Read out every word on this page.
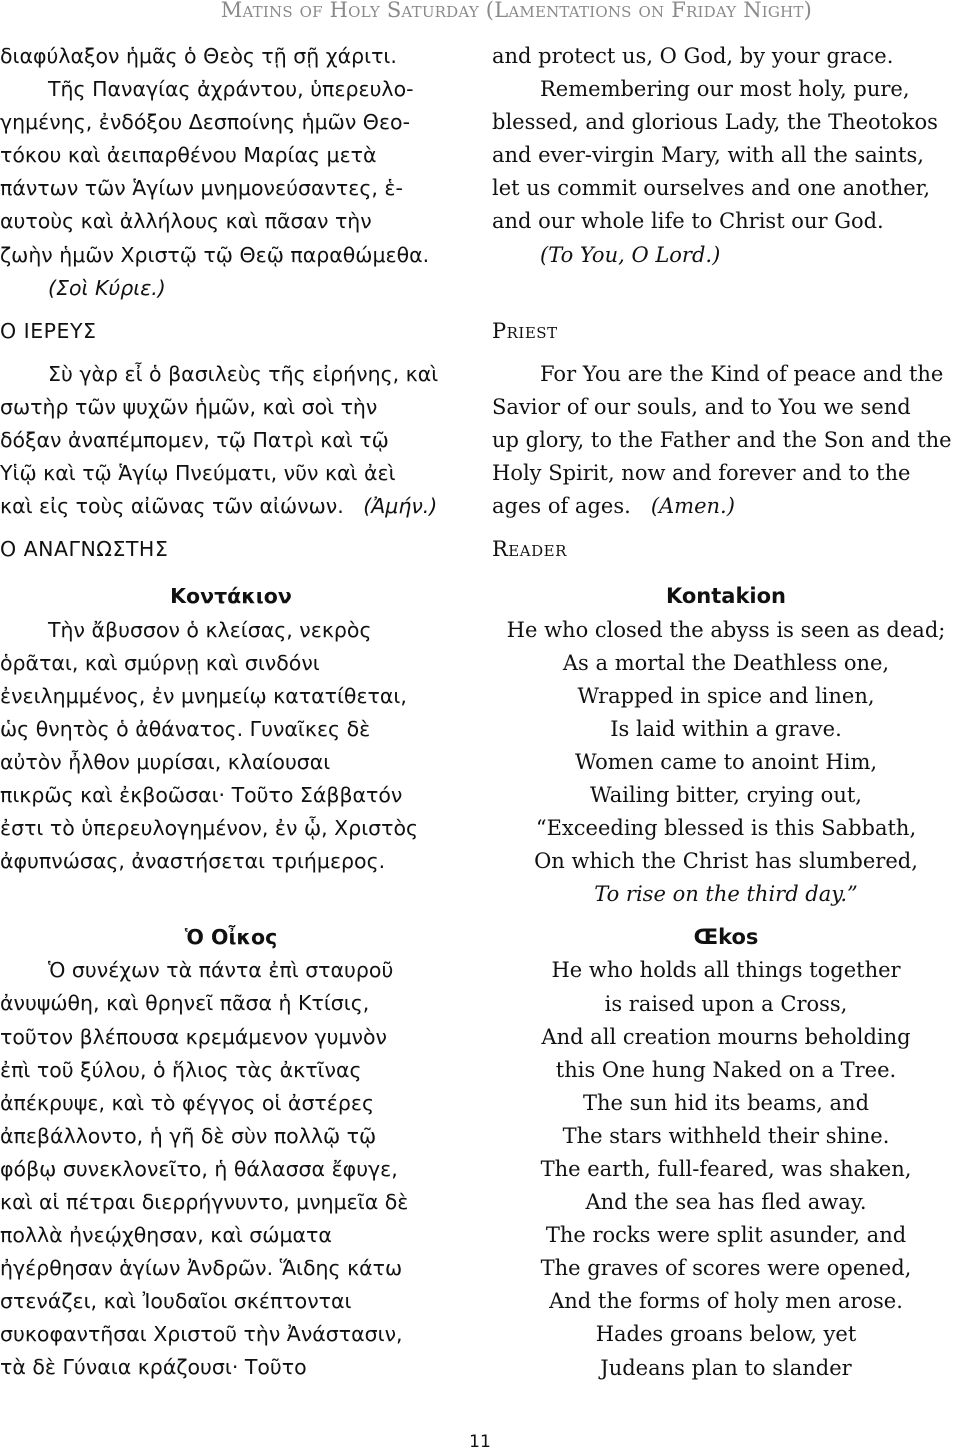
Matins of Holy Saturday (Lamentations on Friday Night)
διαφύλαξον ἡμᾶς ὁ Θεὸς τῇ σῇ χάριτι.
Τῆς Παναγίας ἀχράντου, ὑπερευλο-
γημένης, ἐνδόξου Δεσποίνης ἡμῶν Θεο-
τόκου καὶ ἀειπαρθένου Μαρίας μετὰ
πάντων τῶν Ἁγίων μνημονεύσαντες, ἑ-
αυτοὺς καὶ ἀλλήλους καὶ πᾶσαν τὴν
ζωὴν ἡμῶν Χριστῷ τῷ Θεῷ παραθώμεθα.
(Σοὶ Κύριε.)
Ο ΙΕΡΕΥΣ
Σὺ γὰρ εἶ ὁ βασιλεὺς τῆς εἰρήνης, καὶ
σωτὴρ τῶν ψυχῶν ἡμῶν, καὶ σοὶ τὴν
δόξαν ἀναπέμπομεν, τῷ Πατρὶ καὶ τῷ
Υἱῷ καὶ τῷ Ἁγίῳ Πνεύματι, νῦν καὶ ἀεὶ
καὶ εἰς τοὺς αἰῶνας τῶν αἰώνων. (Ἀμήν.)
Ο ΑΝΑΓΝΩΣΤΗΣ
Κοντάκιον
Τὴν ἄβυσσον ὁ κλείσας, νεκρὸς
ὁρᾶται, καὶ σμύρνῃ καὶ σινδόνι
ἐνειλημμένος, ἐν μνημείῳ κατατίθεται,
ὡς θνητὸς ὁ ἀθάνατος. Γυναῖκες δὲ
αὐτὸν ἦλθον μυρίσαι, κλαίουσαι
πικρῶς καὶ ἐκβοῶσαι· Τοῦτο Σάββατόν
ἐστι τὸ ὑπερευλογημένον, ἐν ᾧ, Χριστὸς
ἀφυπνώσας, ἀναστήσεται τριήμερος.
Ὁ Οἶκος
Ὁ συνέχων τὰ πάντα ἐπὶ σταυροῦ
ἀνυψώθη, καὶ θρηνεῖ πᾶσα ἡ Κτίσις,
τοῦτον βλέπουσα κρεμάμενον γυμνὸν
ἐπὶ τοῦ ξύλου, ὁ ἥλιος τὰς ἀκτῖνας
ἀπέκρυψε, καὶ τὸ φέγγος οἱ ἀστέρες
ἀπεβάλλοντο, ἡ γῆ δὲ σὺν πολλῷ τῷ
φόβῳ συνεκλονεῖτο, ἡ θάλασσα ἔφυγε,
καὶ αἱ πέτραι διερρήγνυντο, μνημεῖα δὲ
πολλὰ ἠνεῴχθησαν, καὶ σώματα
ἠγέρθησαν ἁγίων Ἀνδρῶν. Ἅιδης κάτω
στενάζει, καὶ Ἰουδαῖοι σκέπτονται
συκοφαντῆσαι Χριστοῦ τὴν Ἀνάστασιν,
τὰ δὲ Γύναια κράζουσι· Τοῦτο
and protect us, O God, by your grace.
Remembering our most holy, pure,
blessed, and glorious Lady, the Theotokos
and ever-virgin Mary, with all the saints,
let us commit ourselves and one another,
and our whole life to Christ our God.
(To You, O Lord.)
Priest
For You are the Kind of peace and the
Savior of our souls, and to You we send
up glory, to the Father and the Son and the
Holy Spirit, now and forever and to the
ages of ages. (Amen.)
Reader
Kontakion
He who closed the abyss is seen as dead;
As a mortal the Deathless one,
Wrapped in spice and linen,
Is laid within a grave.
Women came to anoint Him,
Wailing bitter, crying out,
“Exceeding blessed is this Sabbath,
On which the Christ has slumbered,
To rise on the third day.”
Œkos
He who holds all things together
is raised upon a Cross,
And all creation mourns beholding
this One hung Naked on a Tree.
The sun hid its beams, and
The stars withheld their shine.
The earth, full-feared, was shaken,
And the sea has fled away.
The rocks were split asunder, and
The graves of scores were opened,
And the forms of holy men arose.
Hades groans below, yet
Judeans plan to slander
11
